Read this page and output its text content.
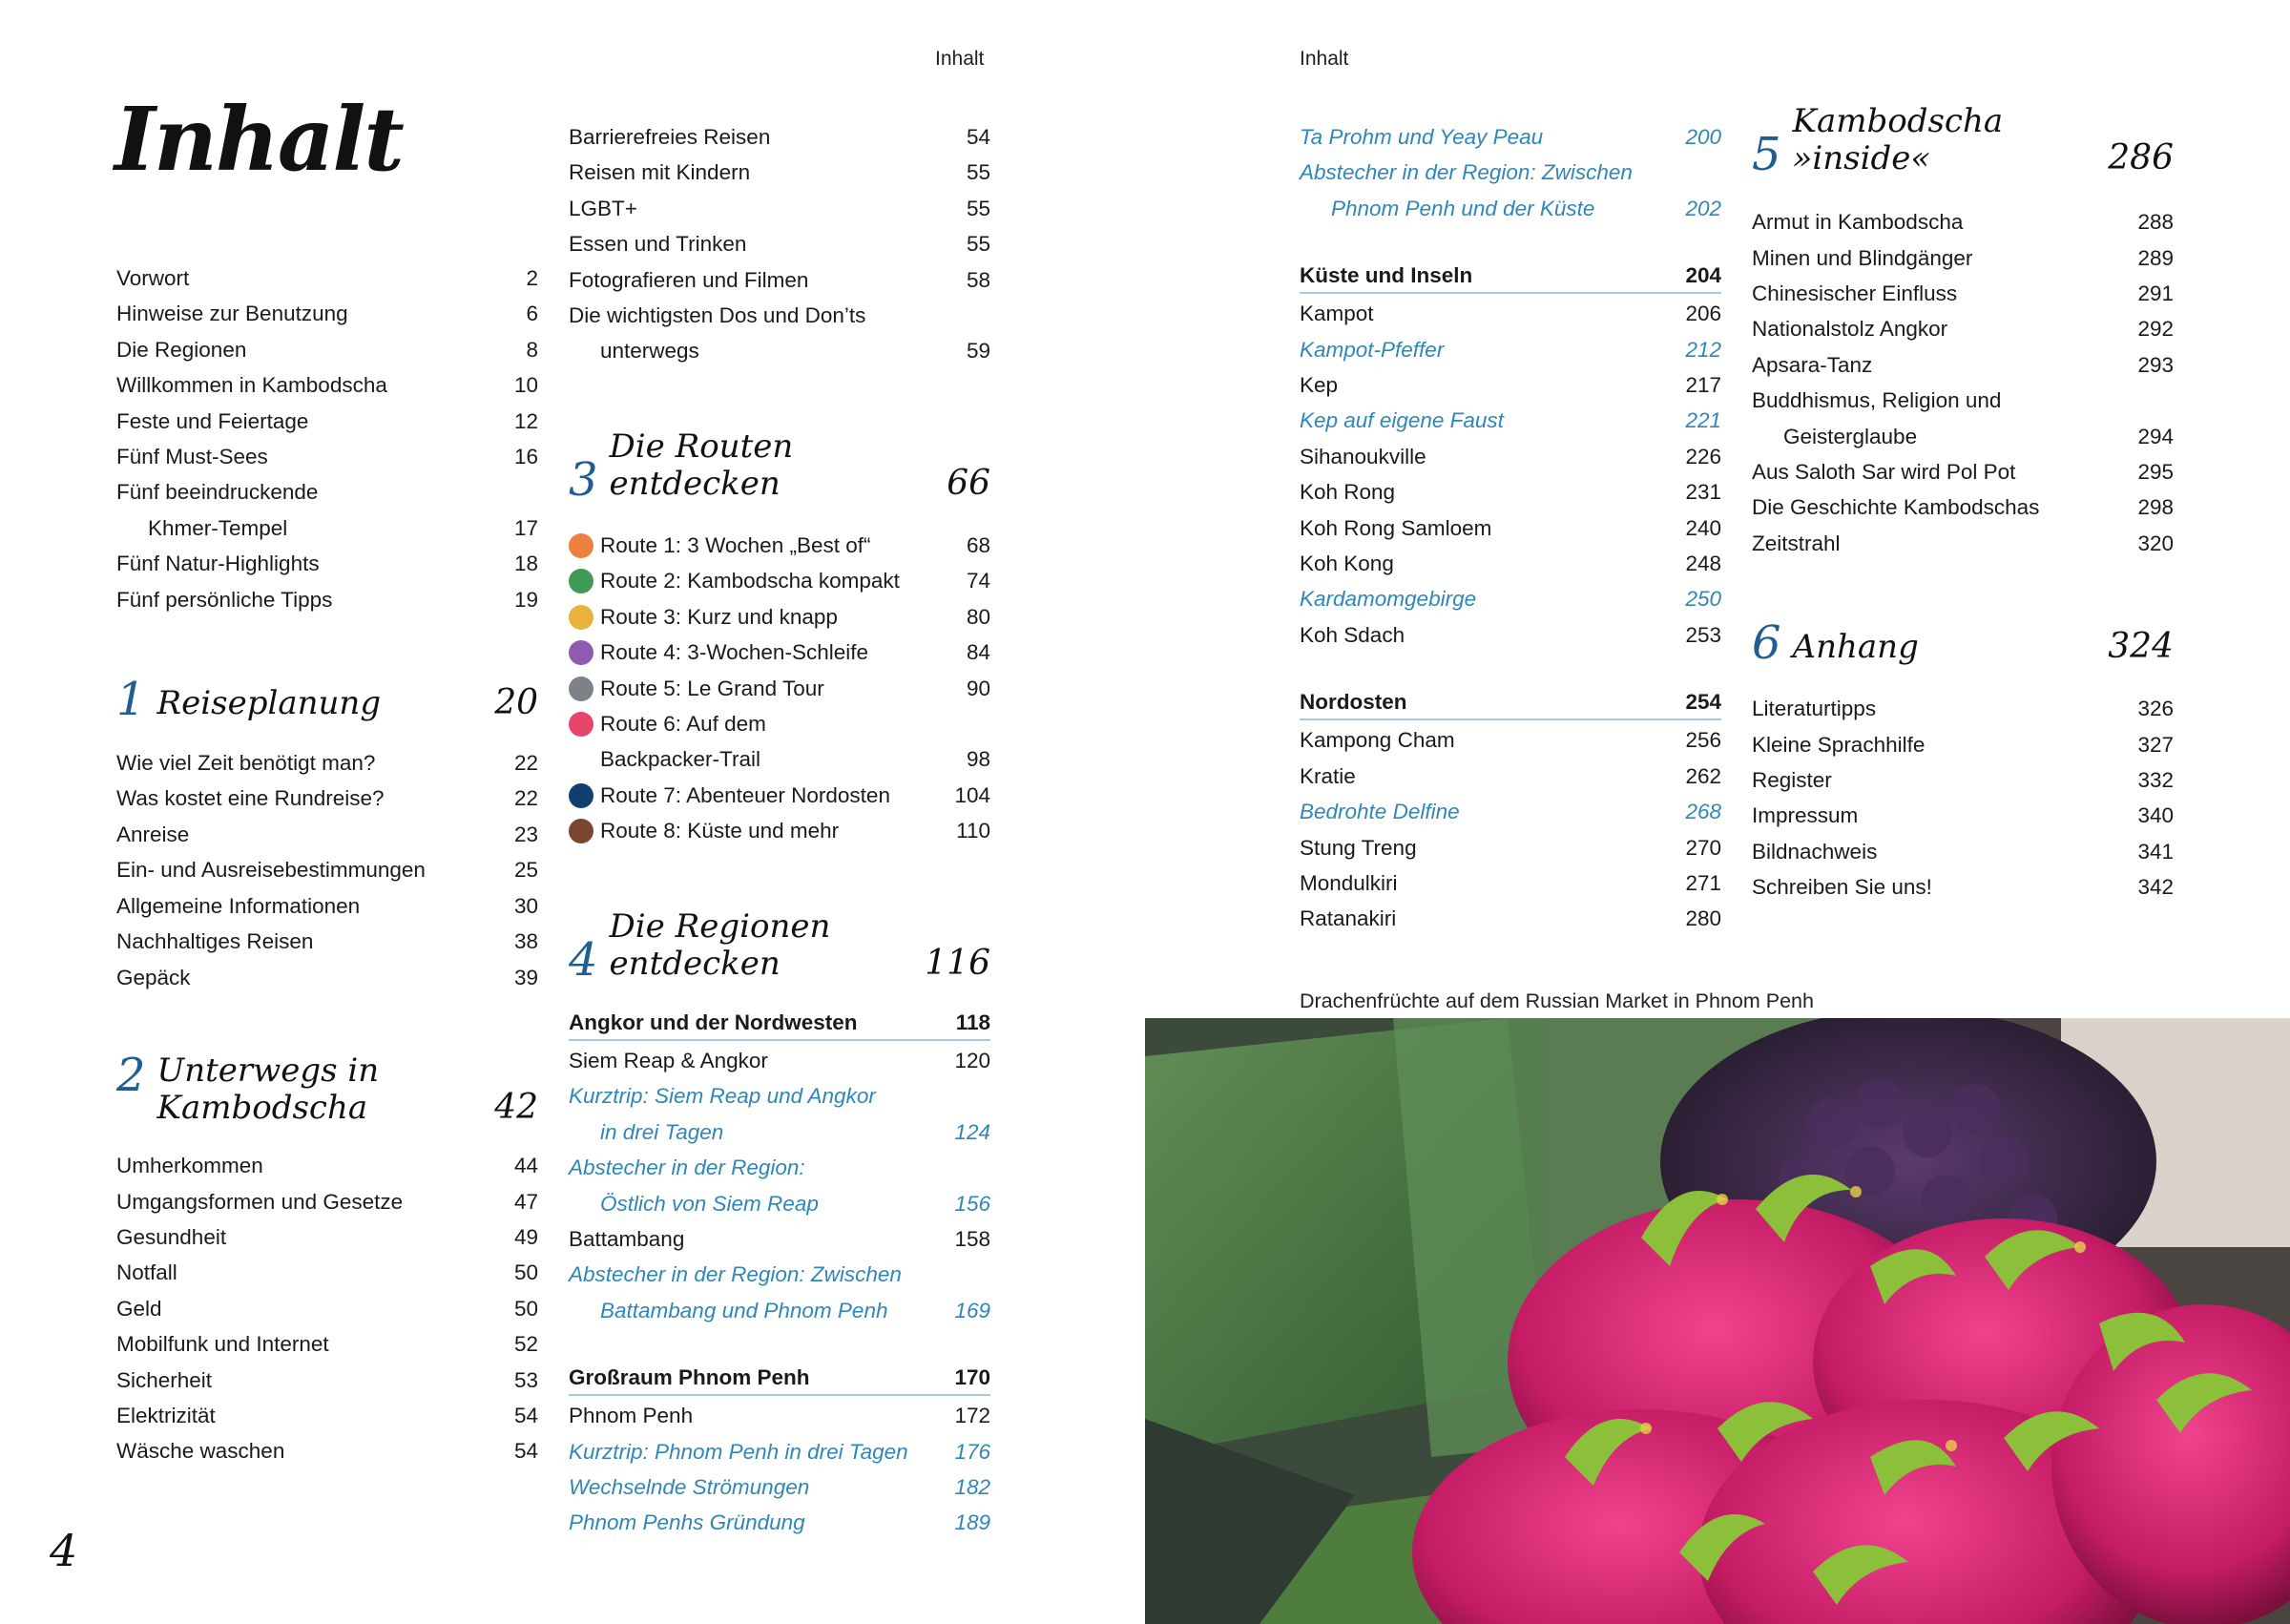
Inhalt	Inhalt
Inhalt
Vorwort	2
Hinweise zur Benutzung	6
Die Regionen	8
Willkommen in Kambodscha	10
Feste und Feiertage	12
Fünf Must-Sees	16
Fünf beeindruckende
Khmer-Tempel	17
Fünf Natur-Highlights	18
Fünf persönliche Tipps	19
1 Reiseplanung	20
Wie viel Zeit benötigt man?	22
Was kostet eine Rundreise?	22
Anreise	23
Ein- und Ausreisebestimmungen	25
Allgemeine Informationen	30
Nachhaltiges Reisen	38
Gepäck	39
2 Unterwegs in
Kambodscha	42
Umherkommen	44
Umgangsformen und Gesetze	47
Gesundheit	49
Notfall	50
Geld	50
Mobilfunk und Internet	52
Sicherheit	53
Elektrizität	54
Wäsche waschen	54
Barrierefreies Reisen	54
Reisen mit Kindern	55
LGBT+	55
Essen und Trinken	55
Fotografieren und Filmen	58
Die wichtigsten Dos und Don’ts
unterwegs	59
3
Die Routen entdecken	66
Route 1: 3 Wochen „Best of“	68
Route 2: Kambodscha kompakt	74
Route 3: Kurz und knapp	80
Route 4: 3-Wochen-Schleife	84
Route 5: Le Grand Tour	90
Route 6: Auf dem
Backpacker-Trail	98
Route 7: Abenteuer Nordosten	104
Route 8: Küste und mehr	110
4
Die Regionen entdecken	116
Angkor und der Nordwesten	118
Siem Reap & Angkor	120
Kurztrip: Siem Reap und Angkor
in drei Tagen	124
Abstecher in der Region:
Östlich von Siem Reap	156
Battambang	158
Abstecher in der Region: Zwischen
Battambang und Phnom Penh	169
Großraum Phnom Penh	170
Phnom Penh	172
Kurztrip: Phnom Penh in drei Tagen	176
Wechselnde Strömungen	182
Phnom Penhs Gründung	189
Ta Prohm und Yeay Peau	200
Abstecher in der Region: Zwischen
Phnom Penh und der Küste	202
Küste und Inseln	204
Kampot	206
Kampot-Pfeffer	212
Kep	217
Kep auf eigene Faust	221
Sihanoukville	226
Koh Rong	231
Koh Rong Samloem	240
Koh Kong	248
Kardamomgebirge	250
Koh Sdach	253
Nordosten	254
Kampong Cham	256
Kratie	262
Bedrohte Delfine	268
Stung Treng	270
Mondulkiri	271
Ratanakiri	280
5
Kambodscha »inside«	286
Armut in Kambodscha	288
Minen und Blindgänger	289
Chinesischer Einfluss	291
Nationalstolz Angkor	292
Apsara-Tanz	293
Buddhismus, Religion und
Geisterglaube	294
Aus Saloth Sar wird Pol Pot	295
Die Geschichte Kambodschas	298
Zeitstrahl	320
6 Anhang	324
Literaturtipps	326
Kleine Sprachhilfe	327
Register	332
Impressum	340
Bildnachweis	341
Schreiben Sie uns!	342
Drachenfrüchte auf dem Russian Market in Phnom Penh
4
